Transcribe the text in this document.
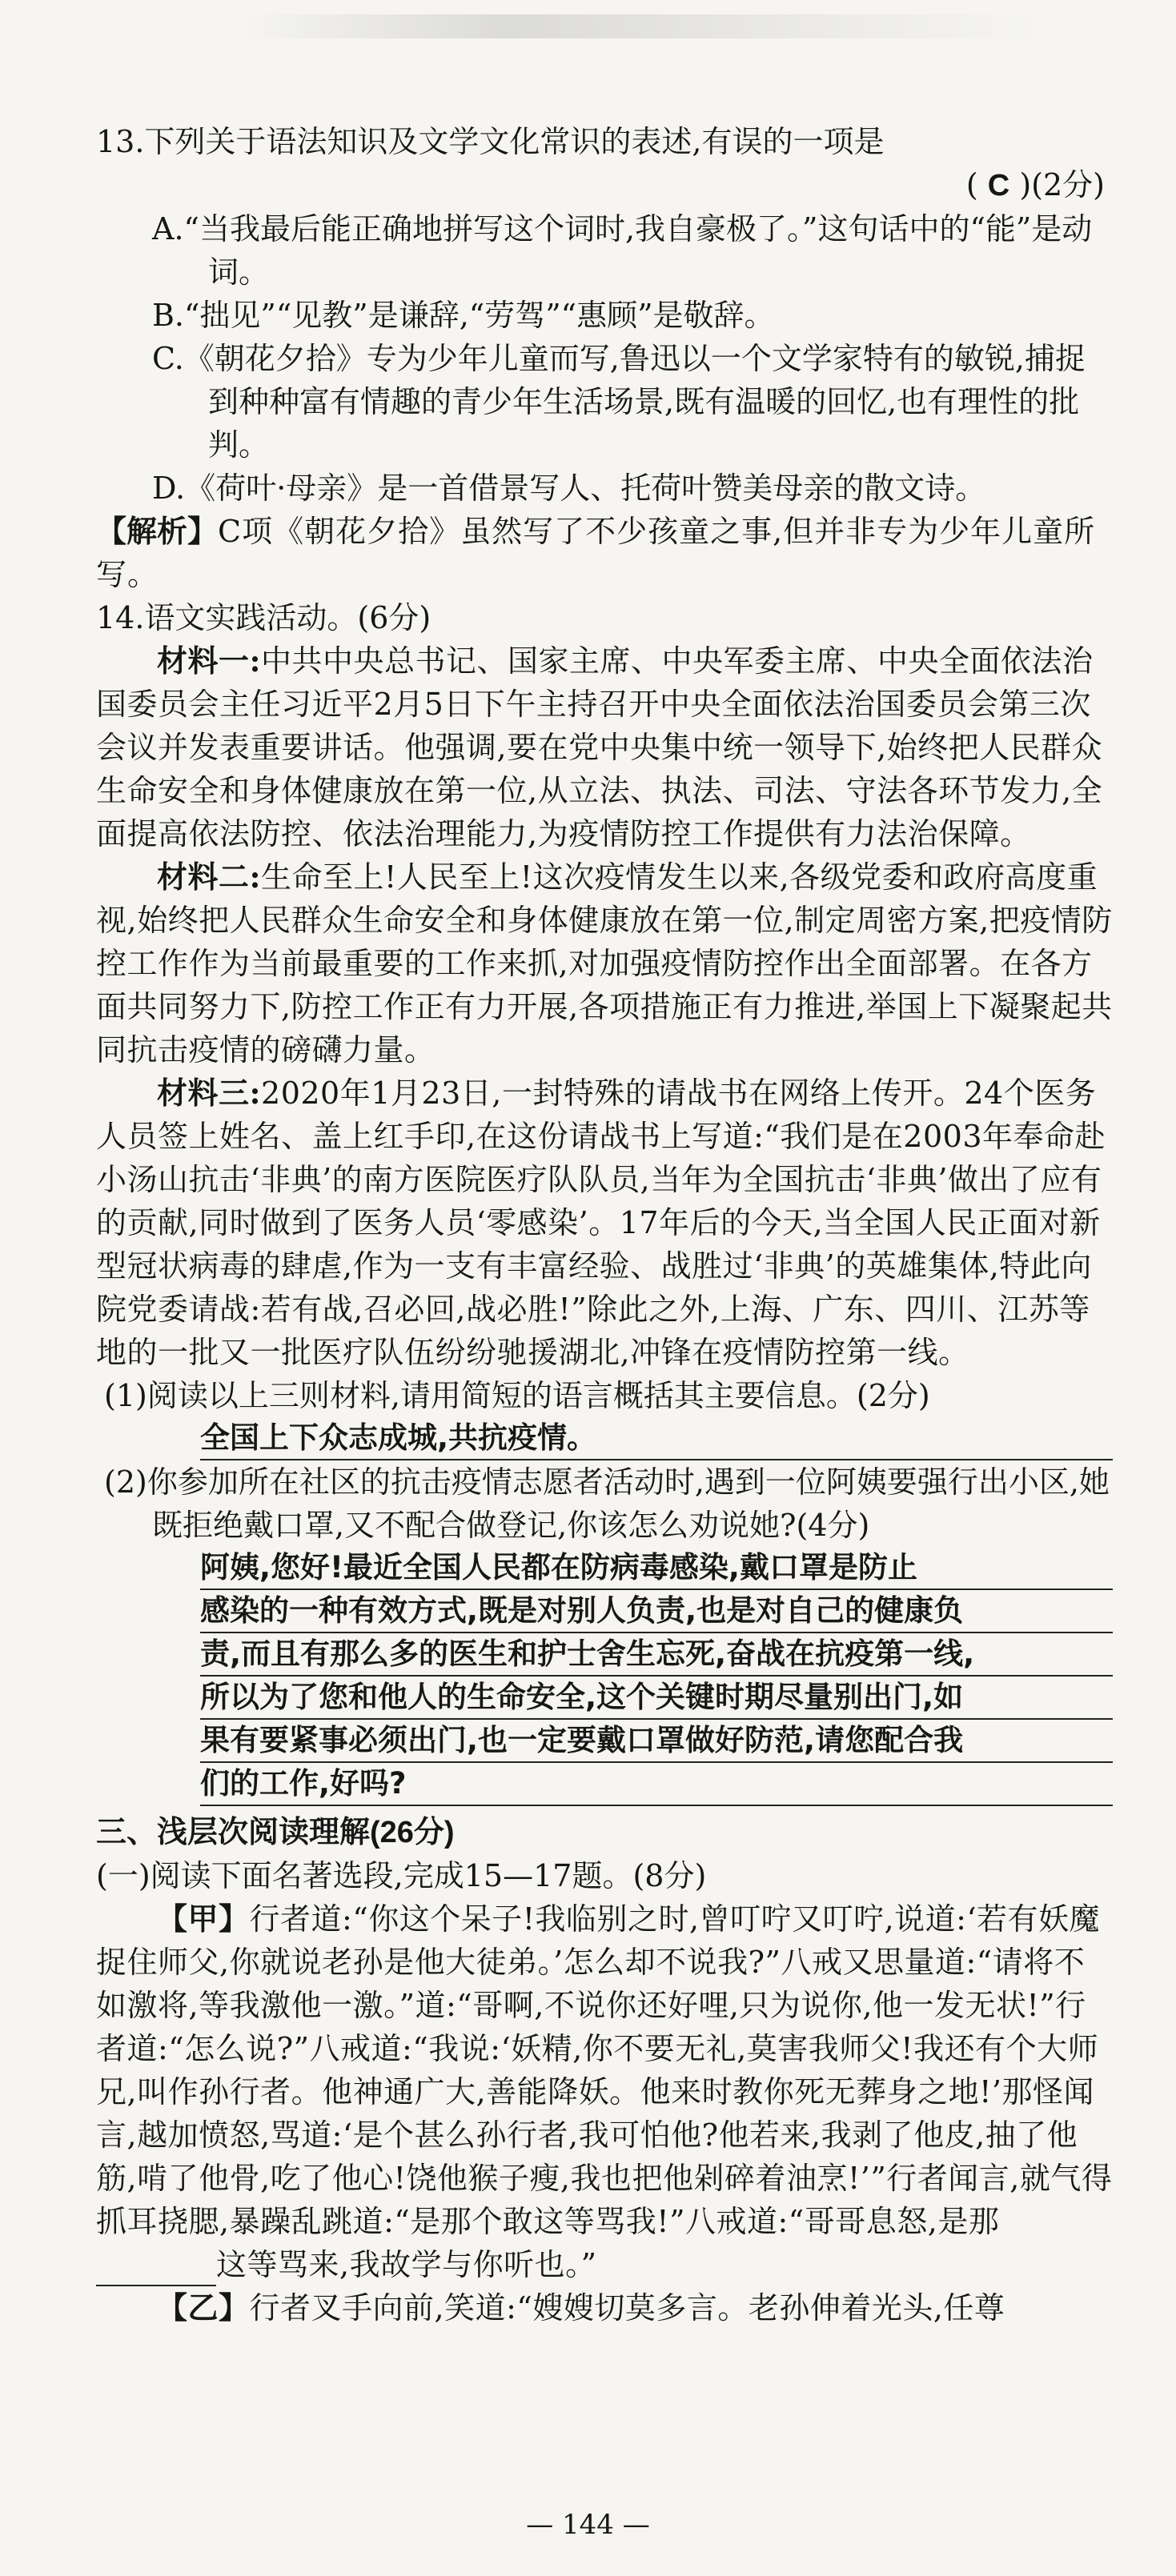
13.下列关于语法知识及文学文化常识的表述,有误的一项是

( C )(2分)

A.“当我最后能正确地拼写这个词时,我自豪极了。”这句话中的“能”是动词。

B.“拙见”“见教”是谦辞,“劳驾”“惠顾”是敬辞。

C.《朝花夕拾》专为少年儿童而写,鲁迅以一个文学家特有的敏锐,捕捉到种种富有情趣的青少年生活场景,既有温暖的回忆,也有理性的批判。

D.《荷叶·母亲》是一首借景写人、托荷叶赞美母亲的散文诗。

【解析】C项《朝花夕拾》虽然写了不少孩童之事,但并非专为少年儿童所写。

14.语文实践活动。(6分)

材料一:中共中央总书记、国家主席、中央军委主席、中央全面依法治国委员会主任习近平2月5日下午主持召开中央全面依法治国委员会第三次会议并发表重要讲话。他强调,要在党中央集中统一领导下,始终把人民群众生命安全和身体健康放在第一位,从立法、执法、司法、守法各环节发力,全面提高依法防控、依法治理能力,为疫情防控工作提供有力法治保障。

材料二:生命至上!人民至上!这次疫情发生以来,各级党委和政府高度重视,始终把人民群众生命安全和身体健康放在第一位,制定周密方案,把疫情防控工作作为当前最重要的工作来抓,对加强疫情防控作出全面部署。在各方面共同努力下,防控工作正有力开展,各项措施正有力推进,举国上下凝聚起共同抗击疫情的磅礴力量。

材料三:2020年1月23日,一封特殊的请战书在网络上传开。24个医务人员签上姓名、盖上红手印,在这份请战书上写道:“我们是在2003年奉命赴小汤山抗击‘非典’的南方医院医疗队队员,当年为全国抗击‘非典’做出了应有的贡献,同时做到了医务人员‘零感染’。17年后的今天,当全国人民正面对新型冠状病毒的肆虐,作为一支有丰富经验、战胜过‘非典’的英雄集体,特此向院党委请战:若有战,召必回,战必胜!”除此之外,上海、广东、四川、江苏等地的一批又一批医疗队伍纷纷驰援湖北,冲锋在疫情防控第一线。

(1)阅读以上三则材料,请用简短的语言概括其主要信息。(2分)

全国上下众志成城,共抗疫情。

(2)你参加所在社区的抗击疫情志愿者活动时,遇到一位阿姨要强行出小区,她既拒绝戴口罩,又不配合做登记,你该怎么劝说她?(4分)

阿姨,您好!最近全国人民都在防病毒感染,戴口罩是防止
感染的一种有效方式,既是对别人负责,也是对自己的健康负
责,而且有那么多的医生和护士舍生忘死,奋战在抗疫第一线,
所以为了您和他人的生命安全,这个关键时期尽量别出门,如
果有要紧事必须出门,也一定要戴口罩做好防范,请您配合我
们的工作,好吗?

三、浅层次阅读理解(26分)

(一)阅读下面名著选段,完成15—17题。(8分)

【甲】行者道:“你这个呆子!我临别之时,曾叮咛又叮咛,说道:‘若有妖魔捉住师父,你就说老孙是他大徒弟。’怎么却不说我?”八戒又思量道:“请将不如激将,等我激他一激。”道:“哥啊,不说你还好哩,只为说你,他一发无状!”行者道:“怎么说?”八戒道:“我说:‘妖精,你不要无礼,莫害我师父!我还有个大师兄,叫作孙行者。他神通广大,善能降妖。他来时教你死无葬身之地!’那怪闻言,越加愤怒,骂道:‘是个甚么孙行者,我可怕他?他若来,我剥了他皮,抽了他筋,啃了他骨,吃了他心!饶他猴子瘦,我也把他剁碎着油烹!’”行者闻言,就气得抓耳挠腮,暴躁乱跳道:“是那个敢这等骂我!”八戒道:“哥哥息怒,是那这等骂来,我故学与你听也。”

【乙】行者叉手向前,笑道:“嫂嫂切莫多言。老孙伸着光头,任尊

— 144 —
